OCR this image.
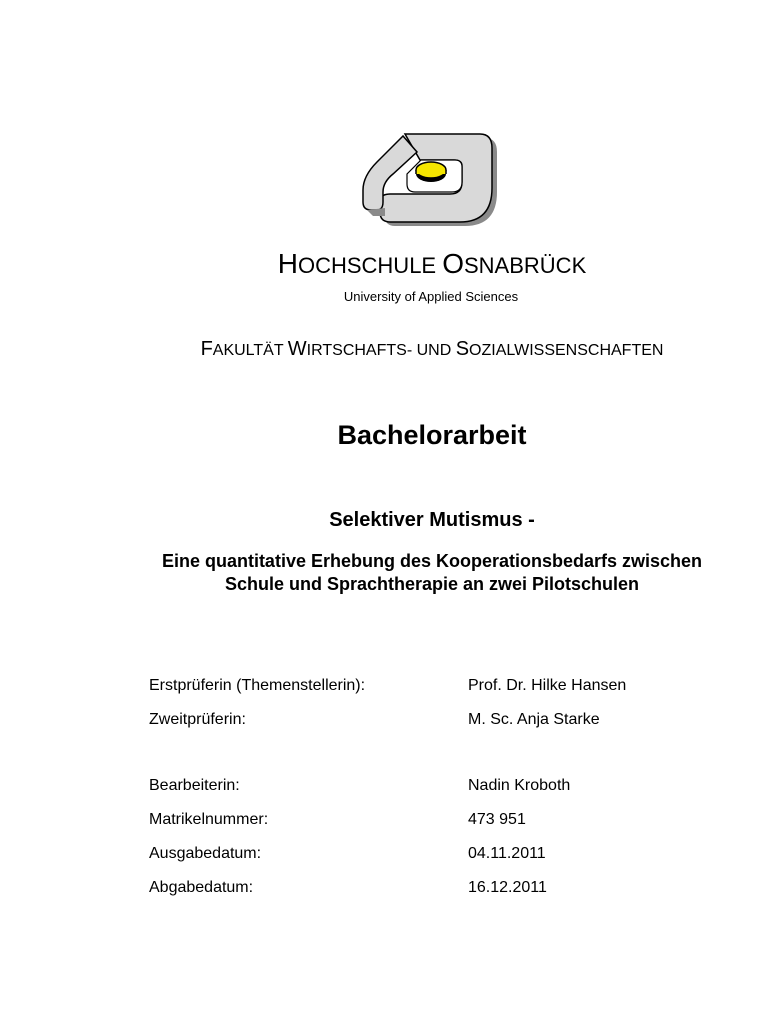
HOCHSCHULE OSNABRÜCK
University of Applied Sciences
FAKULTÄT WIRTSCHAFTS- UND SOZIALWISSENSCHAFTEN
Bachelorarbeit
Selektiver Mutismus -
Eine quantitative Erhebung des Kooperationsbedarfs zwischen Schule und Sprachtherapie an zwei Pilotschulen
Erstprüferin (Themenstellerin):	Prof. Dr. Hilke Hansen
Zweitprüferin:	M. Sc. Anja Starke
Bearbeiterin:	Nadin Kroboth
Matrikelnummer:	473 951
Ausgabedatum:	04.11.2011
Abgabedatum:	16.12.2011
